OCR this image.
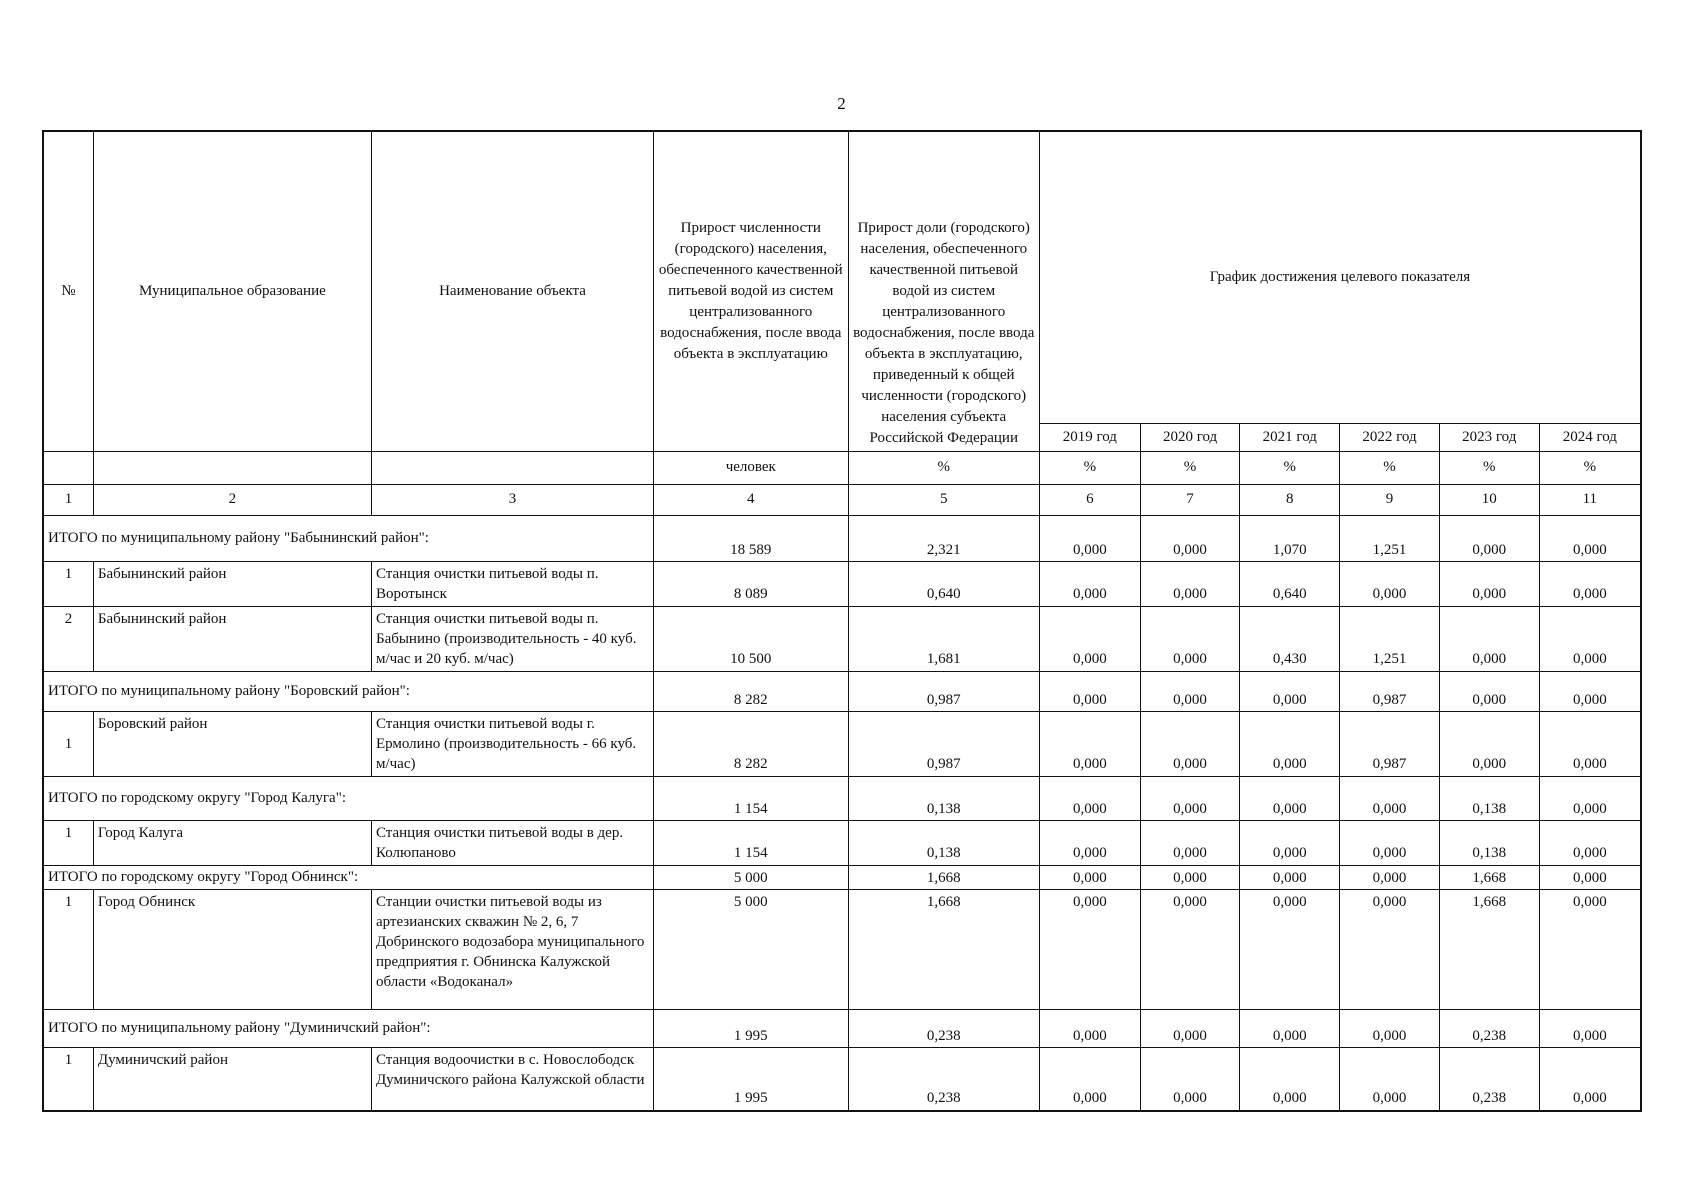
2
№	Муниципальное образование	Наименование объекта	Прирост численности (городского) населения, обеспеченного качественной питьевой водой из систем централизованного водоснабжения, после ввода объекта в эксплуатацию	Прирост доли (городского) населения, обеспеченного качественной питьевой водой из систем централизованного водоснабжения, после ввода объекта в эксплуатацию, приведенный к общей численности (городского) населения субъекта Российской Федерации	График достижения целевого показателя					
					2019 год	2020 год	2021 год	2022 год	2023 год	2024 год
			человек	%	%	%	%	%	%	%
1	2	3	4	5	6	7	8	9	10	11
ИТОГО по муниципальному району "Бабынинский район":			18 589	2,321	0,000	0,000	1,070	1,251	0,000	0,000
1	Бабынинский район	Станция очистки питьевой воды п. Воротынск	8 089	0,640	0,000	0,000	0,640	0,000	0,000	0,000
2	Бабынинский район	Станция очистки питьевой воды п. Бабынино (производительность - 40 куб. м/час и 20 куб. м/час)	10 500	1,681	0,000	0,000	0,430	1,251	0,000	0,000
ИТОГО по муниципальному району "Боровский район":			8 282	0,987	0,000	0,000	0,000	0,987	0,000	0,000
1	Боровский район	Станция очистки питьевой воды г. Ермолино (производительность - 66 куб. м/час)	8 282	0,987	0,000	0,000	0,000	0,987	0,000	0,000
ИТОГО по городскому округу "Город Калуга":			1 154	0,138	0,000	0,000	0,000	0,000	0,138	0,000
1	Город Калуга	Станция очистки питьевой воды в дер. Колюпаново	1 154	0,138	0,000	0,000	0,000	0,000	0,138	0,000
ИТОГО по городскому округу "Город Обнинск":			5 000	1,668	0,000	0,000	0,000	0,000	1,668	0,000
1	Город Обнинск	Станции очистки питьевой воды из артезианских скважин № 2, 6, 7 Добринского водозабора муниципального предприятия г. Обнинска Калужской области «Водоканал»	5 000	1,668	0,000	0,000	0,000	0,000	1,668	0,000
ИТОГО по муниципальному району "Думиничский район":			1 995	0,238	0,000	0,000	0,000	0,000	0,238	0,000
1	Думиничский район	Станция водоочистки в с. Новослободск Думиничского района Калужской области	1 995	0,238	0,000	0,000	0,000	0,000	0,238	0,000
